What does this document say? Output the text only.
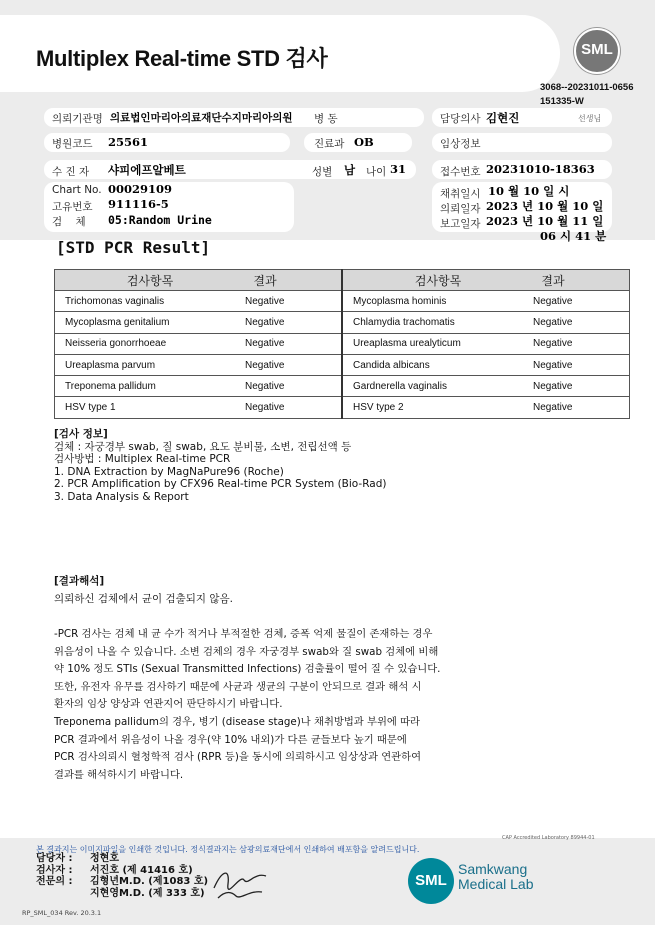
Multiplex Real-time STD 검사	SML
3068--20231011-0656
151335-W
의뢰기관명 의료법인마리아의료재단수지마리아의원 병 동	담당의사 김현진	선생님
병원코드 25561	진료과 OB	임상정보
수 진 자 샤피에프알베트	성별 남 나이 31	접수번호 20231010-18363
Chart No. 00029109
고유번호 911116-5
검    체 05:Random Urine
채취일시 10 월 10 일 시
의뢰일자 2023 년 10 월 10 일
보고일자 2023 년 10 월 11 일
06 시 41 분
[STD PCR Result]
검사항목 결과	검사항목 결과

Trichomonas vaginalis Negative	Mycoplasma hominis Negative

Mycoplasma genitalium Negative	Chlamydia trachomatis Negative

Neisseria gonorrhoeae Negative	Ureaplasma urealyticum Negative

Ureaplasma parvum Negative	Candida albicans Negative

Treponema pallidum Negative	Gardnerella vaginalis Negative

HSV type 1 Negative	HSV type 2 Negative
[검사 정보]
검체 : 자궁경부 swab, 질 swab, 요도 분비물, 소변, 전립선액 등
검사방법 : Multiplex Real-time PCR
1. DNA Extraction by MagNaPure96 (Roche)
2. PCR Amplification by CFX96 Real-time PCR System (Bio-Rad)
3. Data Analysis & Report
[결과해석]
의뢰하신 검체에서 균이 검출되지 않음.
-PCR 검사는 검체 내 균 수가 적거나 부적절한 검체, 증폭 억제 물질이 존재하는 경우
위음성이 나올 수 있습니다. 소변 검체의 경우 자궁경부 swab와 질 swab 검체에 비해
약 10% 정도 STIs (Sexual Transmitted Infections) 검출률이 떨어 질 수 있습니다.
또한, 유전자 유무를 검사하기 때문에 사균과 생균의 구분이 안되므로 결과 해석 시
환자의 임상 양상과 연관지어 판단하시기 바랍니다.
Treponema pallidum의 경우, 병기 (disease stage)나 채취방법과 부위에 따라
PCR 결과에서 위음성이 나올 경우(약 10% 내외)가 다른 균들보다 높기 때문에
PCR 검사의뢰시 혈청학적 검사 (RPR 등)을 동시에 의뢰하시고 임상상과 연관하여
결과를 해석하시기 바랍니다.
CAP Accredited Laboratory 89944-01
본 결과지는 이미지파일을 인쇄한 것입니다. 정식결과지는 삼광의료재단에서 인쇄하여 배포함을 알려드립니다.
담당자 :
검사자 :
전문의 :
정현호
서진호 (제 41416 호)
김형년M.D. (제1083 호)
지현영M.D. (제 333 호)
SML
Samkwang
Medical Lab
RP_SML_034 Rev. 20.3.1
